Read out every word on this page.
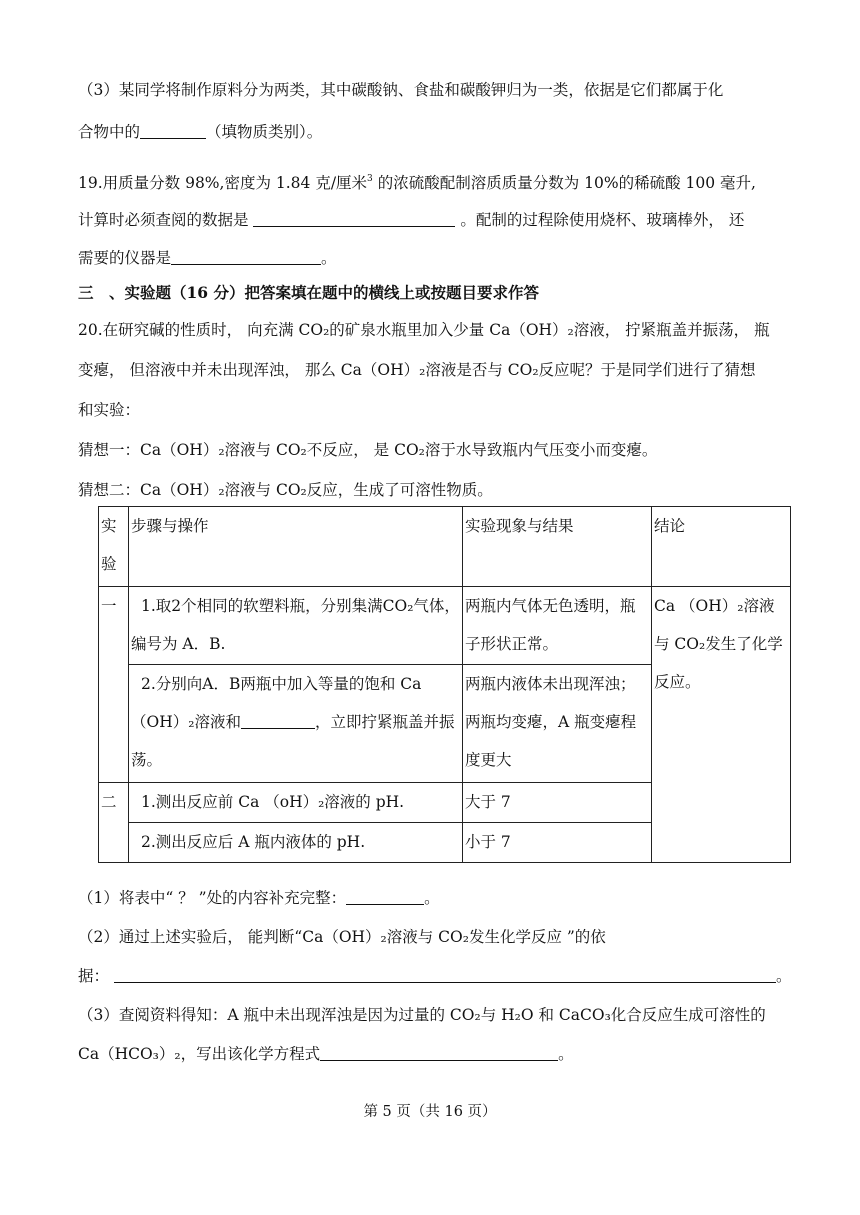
（3）某同学将制作原料分为两类，其中碳酸钠、食盐和碳酸钾归为一类，依据是它们都属于化
合物中的	（填物质类别）。
19.用质量分数 98%,密度为 1.84 克/厘米$^3$ 的浓硫酸配制溶质质量分数为 10%的稀硫酸 100 毫升,
计算时必须查阅的数据是	。配制的过程除使用烧杯、玻璃棒外， 还
需要的仪器是	。
三　、实验题（16 分）把答案填在题中的横线上或按题目要求作答
20.在研究碱的性质时， 向充满 CO₂的矿泉水瓶里加入少量 Ca（OH）₂溶液， 拧紧瓶盖并振荡， 瓶
变瘪， 但溶液中并未出现浑浊， 那么 Ca（OH）₂溶液是否与 CO₂反应呢？于是同学们进行了猜想
和实验：
猜想一：Ca（OH）₂溶液与 CO₂不反应， 是 CO₂溶于水导致瓶内气压变小而变瘪。
猜想二：Ca（OH）₂溶液与 CO₂反应，生成了可溶性物质。
实验	步骤与操作	实验现象与结果	结论
一	1.取2个相同的软塑料瓶，分别集满CO₂气体，编号为 A．B.	两瓶内气体无色透明，瓶子形状正常。	Ca （OH）₂溶液与 CO₂发生了化学反应。

	2.分别向A．B两瓶中加入等量的饱和 Ca（OH）₂溶液和 ，立即拧紧瓶盖并振荡。	两瓶内液体未出现浑浊；两瓶均变瘪，A 瓶变瘪程度更大	

二	1.测出反应前 Ca （oH）₂溶液的 pH.	大于 7	
	2.测出反应后 A 瓶内液体的 pH.	小于 7	
（1）将表中“ ？ ”处的内容补充完整：	。
（2）通过上述实验后， 能判断“Ca（OH）₂溶液与 CO₂发生化学反应 ”的依
据：	。
（3）查阅资料得知：A 瓶中未出现浑浊是因为过量的 CO₂与 H₂O 和 CaCO₃化合反应生成可溶性的
Ca（HCO₃）₂，写出该化学方程式	。
第 5 页（共 16 页）
